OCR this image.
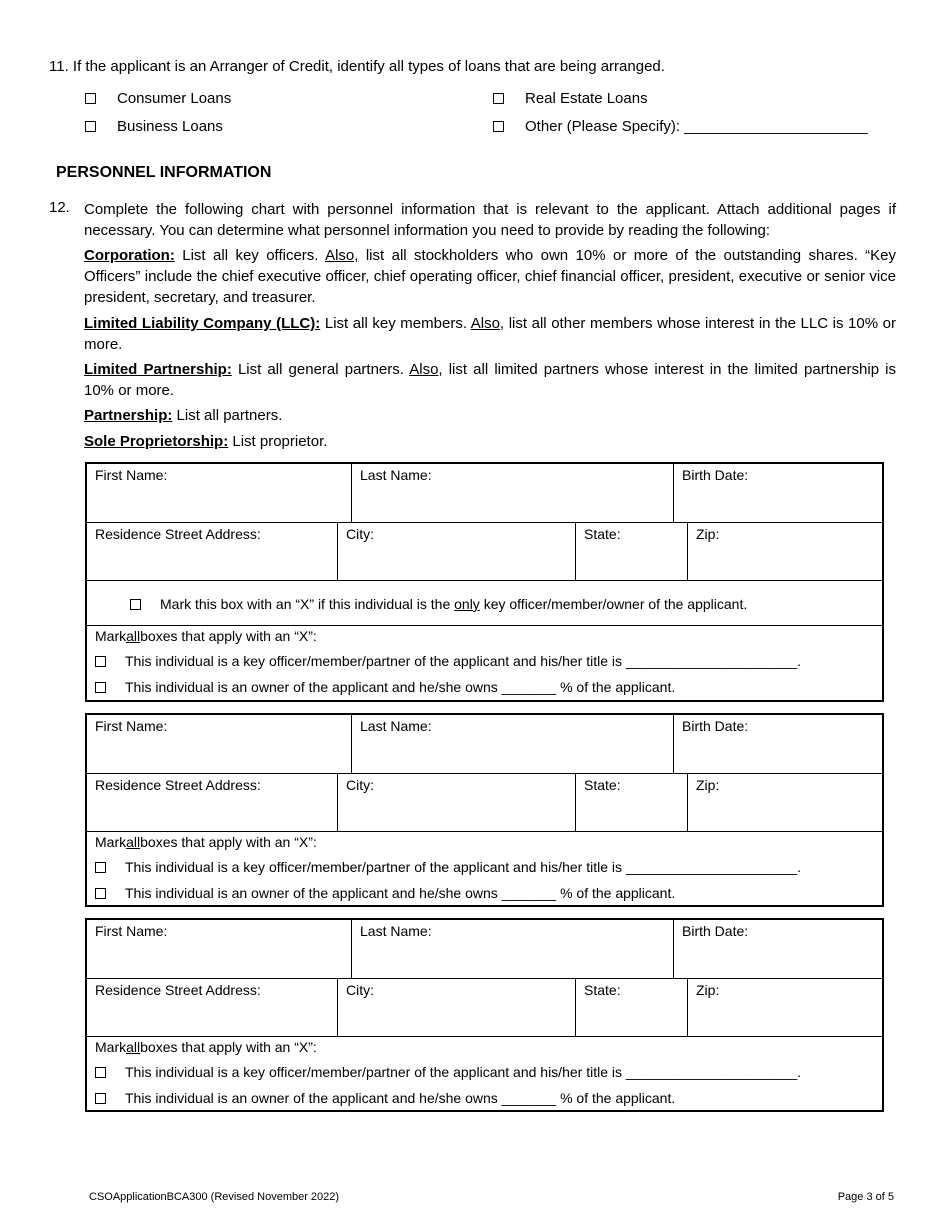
11. If the applicant is an Arranger of Credit, identify all types of loans that are being arranged.
Consumer Loans
Business Loans
Real Estate Loans
Other (Please Specify): ______________________
PERSONNEL INFORMATION
12. Complete the following chart with personnel information that is relevant to the applicant. Attach additional pages if necessary. You can determine what personnel information you need to provide by reading the following:
Corporation: List all key officers. Also, list all stockholders who own 10% or more of the outstanding shares. “Key Officers” include the chief executive officer, chief operating officer, chief financial officer, president, executive or senior vice president, secretary, and treasurer.
Limited Liability Company (LLC): List all key members. Also, list all other members whose interest in the LLC is 10% or more.
Limited Partnership: List all general partners. Also, list all limited partners whose interest in the limited partnership is 10% or more.
Partnership: List all partners.
Sole Proprietorship: List proprietor.
First Name:	Last Name:	Birth Date:
Residence Street Address:	City:	State:	Zip:
Mark this box with an “X” if this individual is the only key officer/member/owner of the applicant.
Mark all boxes that apply with an “X”:
This individual is a key officer/member/partner of the applicant and his/her title is ______________________.
This individual is an owner of the applicant and he/she owns _______ % of the applicant.
First Name:	Last Name:	Birth Date:
Residence Street Address:	City:	State:	Zip:
Mark all boxes that apply with an “X”:
This individual is a key officer/member/partner of the applicant and his/her title is ______________________.
This individual is an owner of the applicant and he/she owns _______ % of the applicant.
First Name:	Last Name:	Birth Date:
Residence Street Address:	City:	State:	Zip:
Mark all boxes that apply with an “X”:
This individual is a key officer/member/partner of the applicant and his/her title is ______________________.
This individual is an owner of the applicant and he/she owns _______ % of the applicant.
CSOApplicationBCA300 (Revised November 2022)	Page 3 of 5
